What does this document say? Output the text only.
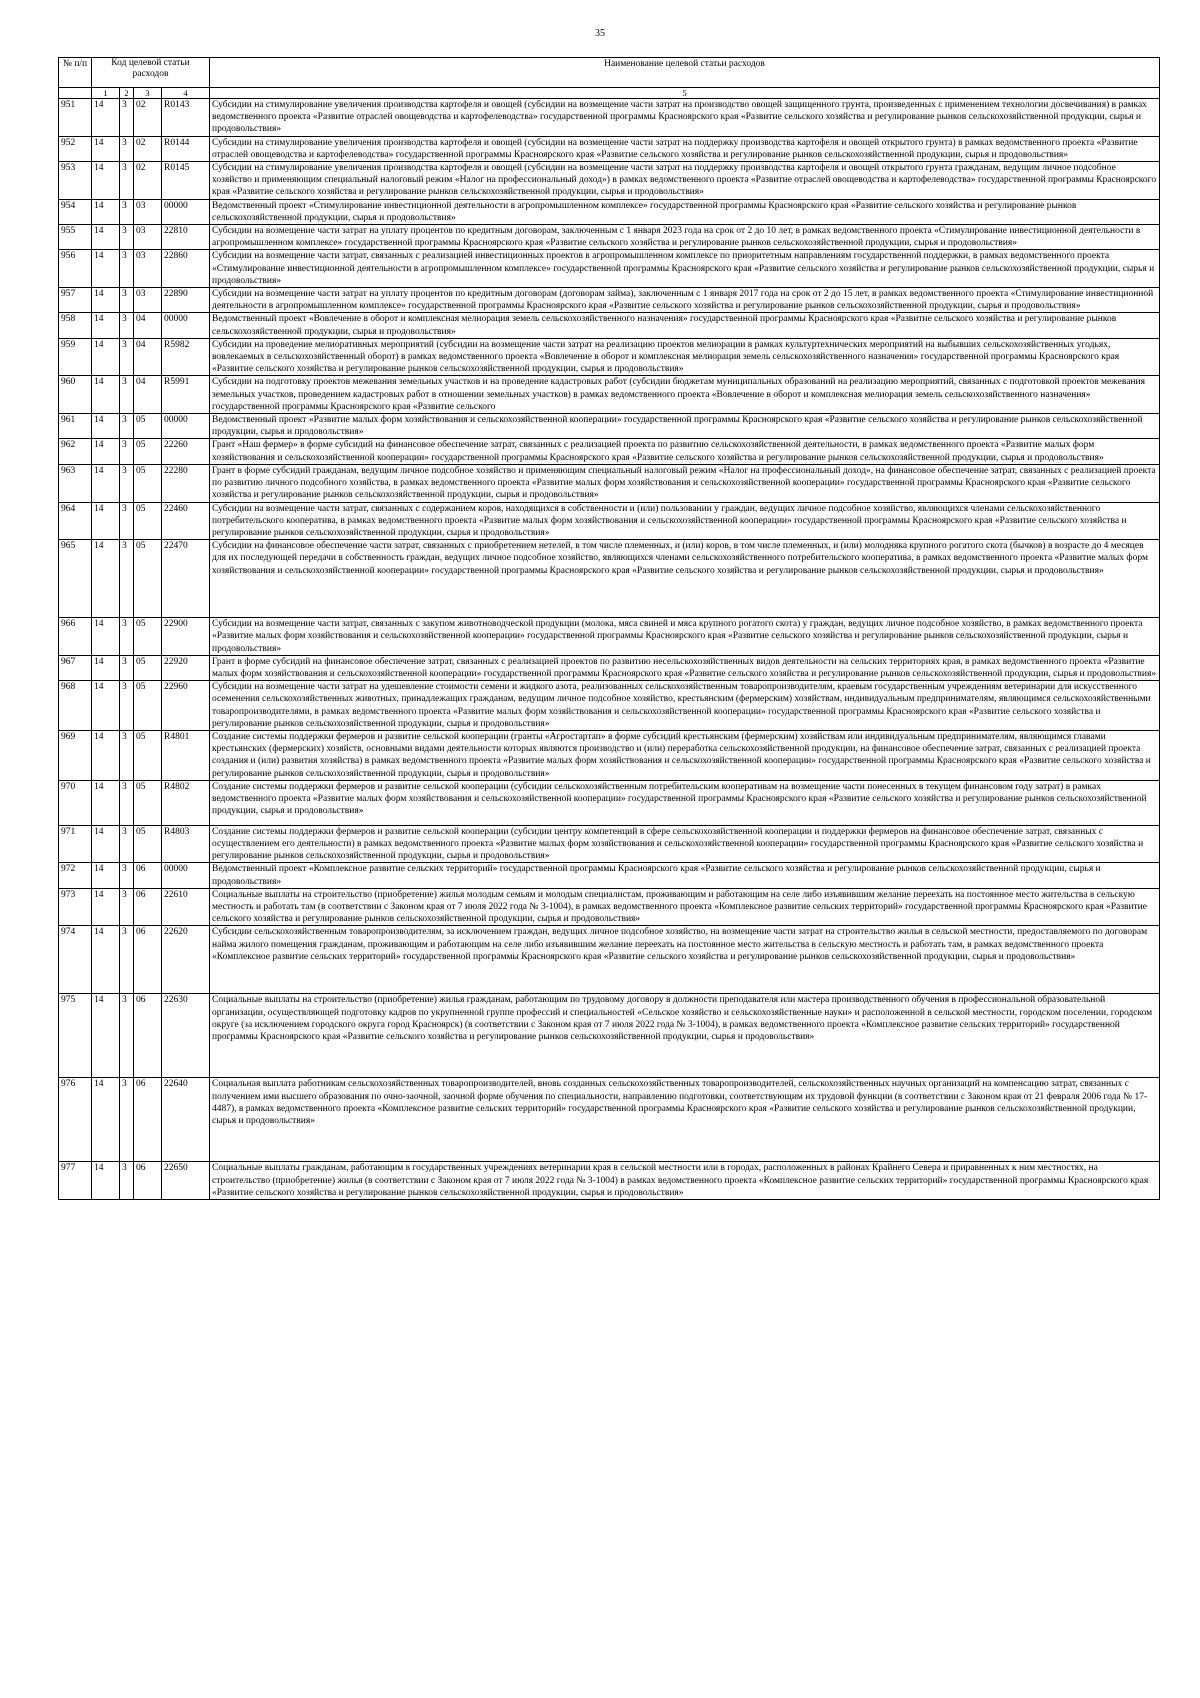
35
№ п/п	Код целевой статьи расходов				Наименование целевой статьи расходов

	1	2	3	4	5
951	14	3	02	R0143	Субсидии на стимулирование увеличения производства картофеля и овощей (субсидии на возмещение части затрат на производство овощей защищенного грунта, произведенных с применением технологии досвечивания) в рамках ведомственного проекта «Развитие отраслей овощеводства и картофелеводства» государственной программы Красноярского края «Развитие сельского хозяйства и регулирование рынков сельскохозяйственной продукции, сырья и продовольствия»
952	14	3	02	R0144	Субсидии на стимулирование увеличения производства картофеля и овощей (субсидии на возмещение части затрат на поддержку производства картофеля и овощей открытого грунта) в рамках ведомственного проекта «Развитие отраслей овощеводства и картофелеводства» государственной программы Красноярского края «Развитие сельского хозяйства и регулирование рынков сельскохозяйственной продукции, сырья и продовольствия»
953	14	3	02	R0145	Субсидии на стимулирование увеличения производства картофеля и овощей (субсидии на возмещение части затрат на поддержку производства картофеля и овощей открытого грунта гражданам, ведущим личное подсобное хозяйство и применяющим специальный налоговый режим «Налог на профессиональный доход») в рамках ведомственного проекта «Развитие отраслей овощеводства и картофелеводства» государственной программы Красноярского края «Развитие сельского хозяйства и регулирование рынков сельскохозяйственной продукции, сырья и продовольствия»
954	14	3	03	00000	Ведомственный проект «Стимулирование инвестиционной деятельности в агропромышленном комплексе» государственной программы Красноярского края «Развитие сельского хозяйства и регулирование рынков сельскохозяйственной продукции, сырья и продовольствия»
955	14	3	03	22810	Субсидии на возмещение части затрат на уплату процентов по кредитным договорам, заключенным с 1 января 2023 года на срок от 2 до 10 лет, в рамках ведомственного проекта «Стимулирование инвестиционной деятельности в агропромышленном комплексе» государственной программы Красноярского края «Развитие сельского хозяйства и регулирование рынков сельскохозяйственной продукции, сырья и продовольствия»
956	14	3	03	22860	Субсидии на возмещение части затрат, связанных с реализацией инвестиционных проектов в агропромышленном комплексе по приоритетным направлениям государственной поддержки, в рамках ведомственного проекта «Стимулирование инвестиционной деятельности в агропромышленном комплексе» государственной программы Красноярского края «Развитие сельского хозяйства и регулирование рынков сельскохозяйственной продукции, сырья и продовольствия»
957	14	3	03	22890	Субсидии на возмещение части затрат на уплату процентов по кредитным договорам (договорам займа), заключенным с 1 января 2017 года на срок от 2 до 15 лет, в рамках ведомственного проекта «Стимулирование инвестиционной деятельности в агропромышленном комплексе» государственной программы Красноярского края «Развитие сельского хозяйства и регулирование рынков сельскохозяйственной продукции, сырья и продовольствия»
958	14	3	04	00000	Ведомственный проект «Вовлечение в оборот и комплексная мелиорация земель сельскохозяйственного назначения» государственной программы Красноярского края «Развитие сельского хозяйства и регулирование рынков сельскохозяйственной продукции, сырья и продовольствия»
959	14	3	04	R5982	Субсидии на проведение мелиоративных мероприятий (субсидии на возмещение части затрат на реализацию проектов мелиорации в рамках культуртехнических мероприятий на выбывших сельскохозяйственных угодьях, вовлекаемых в сельскохозяйственный оборот) в рамках ведомственного проекта «Вовлечение в оборот и комплексная мелиорация земель сельскохозяйственного назначения» государственной программы Красноярского края «Развитие сельского хозяйства и регулирование рынков сельскохозяйственной продукции, сырья и продовольствия»
960	14	3	04	R5991	Субсидии на подготовку проектов межевания земельных участков и на проведение кадастровых работ (субсидии бюджетам муниципальных образований на реализацию мероприятий, связанных с подготовкой проектов межевания земельных участков, проведением кадастровых работ в отношении земельных участков) в рамках ведомственного проекта «Вовлечение в оборот и комплексная мелиорация земель сельскохозяйственного назначения» государственной программы Красноярского края «Развитие сельского
961	14	3	05	00000	Ведомственный проект «Развитие малых форм хозяйствования и сельскохозяйственной кооперации» государственной программы Красноярского края «Развитие сельского хозяйства и регулирование рынков сельскохозяйственной продукции, сырья и продовольствия»
962	14	3	05	22260	Грант «Наш фермер» в форме субсидий на финансовое обеспечение затрат, связанных с реализацией проекта по развитию сельскохозяйственной деятельности, в рамках ведомственного проекта «Развитие малых форм хозяйствования и сельскохозяйственной кооперации» государственной программы Красноярского края «Развитие сельского хозяйства и регулирование рынков сельскохозяйственной продукции, сырья и продовольствия»
963	14	3	05	22280	Грант в форме субсидий гражданам, ведущим личное подсобное хозяйство и применяющим специальный налоговый режим «Налог на профессиональный доход», на финансовое обеспечение затрат, связанных с реализацией проекта по развитию личного подсобного хозяйства, в рамках ведомственного проекта «Развитие малых форм хозяйствования и сельскохозяйственной кооперации» государственной программы Красноярского края «Развитие сельского хозяйства и регулирование рынков сельскохозяйственной продукции, сырья и продовольствия»
964	14	3	05	22460	Субсидии на возмещение части затрат, связанных с содержанием коров, находящихся в собственности и (или) пользовании у граждан, ведущих личное подсобное хозяйство, являющихся членами сельскохозяйственного потребительского кооператива, в рамках ведомственного проекта «Развитие малых форм хозяйствования и сельскохозяйственной кооперации» государственной программы Красноярского края «Развитие сельского хозяйства и регулирование рынков сельскохозяйственной продукции, сырья и продовольствия»
965	14	3	05	22470	Субсидии на финансовое обеспечение части затрат, связанных с приобретением нетелей, в том числе племенных, и (или) коров, в том числе племенных, и (или) молодняка крупного рогатого скота (бычков) в возрасте до 4 месяцев для их последующей передачи в собственность граждан, ведущих личное подсобное хозяйство, являющихся членами сельскохозяйственного потребительского кооператива, в рамках ведомственного проекта «Развитие малых форм хозяйствования и сельскохозяйственной кооперации» государственной программы Красноярского края «Развитие сельского хозяйства и регулирование рынков сельскохозяйственной продукции, сырья и продовольствия»
966	14	3	05	22900	Субсидии на возмещение части затрат, связанных с закупом животноводческой продукции (молока, мяса свиней и мяса крупного рогатого скота) у граждан, ведущих личное подсобное хозяйство, в рамках ведомственного проекта «Развитие малых форм хозяйствования и сельскохозяйственной кооперации» государственной программы Красноярского края «Развитие сельского хозяйства и регулирование рынков сельскохозяйственной продукции, сырья и продовольствия»
967	14	3	05	22920	Грант в форме субсидий на финансовое обеспечение затрат, связанных с реализацией проектов по развитию несельскохозяйственных видов деятельности на сельских территориях края, в рамках ведомственного проекта «Развитие малых форм хозяйствования и сельскохозяйственной кооперации» государственной программы Красноярского края «Развитие сельского хозяйства и регулирование рынков сельскохозяйственной продукции, сырья и продовольствия»
968	14	3	05	22960	Субсидии на возмещение части затрат на удешевление стоимости семени и жидкого азота, реализованных сельскохозяйственным товаропроизводителям, краевым государственным учреждениям ветеринарии для искусственного осеменения сельскохозяйственных животных, принадлежащих гражданам, ведущим личное подсобное хозяйство, крестьянским (фермерским) хозяйствам, индивидуальным предпринимателям, являющимся сельскохозяйственными товаропроизводителями, в рамках ведомственного проекта «Развитие малых форм хозяйствования и сельскохозяйственной кооперации» государственной программы Красноярского края «Развитие сельского хозяйства и регулирование рынков сельскохозяйственной продукции, сырья и продовольствия»
969	14	3	05	R4801	Создание системы поддержки фермеров и развитие сельской кооперации (гранты «Агростартап» в форме субсидий крестьянским (фермерским) хозяйствам или индивидуальным предпринимателям, являющимся главами крестьянских (фермерских) хозяйств, основными видами деятельности которых являются производство и (или) переработка сельскохозяйственной продукции, на финансовое обеспечение затрат, связанных с реализацией проекта создания и (или) развития хозяйства) в рамках ведомственного проекта «Развитие малых форм хозяйствования и сельскохозяйственной кооперации» государственной программы Красноярского края «Развитие сельского хозяйства и регулирование рынков сельскохозяйственной продукции, сырья и продовольствия»
970	14	3	05	R4802	Создание системы поддержки фермеров и развитие сельской кооперации (субсидии сельскохозяйственным потребительским кооперативам на возмещение части понесенных в текущем финансовом году затрат) в рамках ведомственного проекта «Развитие малых форм хозяйствования и сельскохозяйственной кооперации» государственной программы Красноярского края «Развитие сельского хозяйства и регулирование рынков сельскохозяйственной продукции, сырья и продовольствия»
971	14	3	05	R4803	Создание системы поддержки фермеров и развитие сельской кооперации (субсидии центру компетенций в сфере сельскохозяйственной кооперации и поддержки фермеров на финансовое обеспечение затрат, связанных с осуществлением его деятельности) в рамках ведомственного проекта «Развитие малых форм хозяйствования и сельскохозяйственной кооперации» государственной программы Красноярского края «Развитие сельского хозяйства и регулирование рынков сельскохозяйственной продукции, сырья и продовольствия»
972	14	3	06	00000	Ведомственный проект «Комплексное развитие сельских территорий» государственной программы Красноярского края «Развитие сельского хозяйства и регулирование рынков сельскохозяйственной продукции, сырья и продовольствия»
973	14	3	06	22610	Социальные выплаты на строительство (приобретение) жилья молодым семьям и молодым специалистам, проживающим и работающим на селе либо изъявившим желание переехать на постоянное место жительства в сельскую местность и работать там (в соответствии с Законом края от 7 июля 2022 года № 3-1004), в рамках ведомственного проекта «Комплексное развитие сельских территорий» государственной программы Красноярского края «Развитие сельского хозяйства и регулирование рынков сельскохозяйственной продукции, сырья и продовольствия»
974	14	3	06	22620	Субсидии сельскохозяйственным товаропроизводителям, за исключением граждан, ведущих личное подсобное хозяйство, на возмещение части затрат на строительство жилья в сельской местности, предоставляемого по договорам найма жилого помещения гражданам, проживающим и работающим на селе либо изъявившим желание переехать на постоянное место жительства в сельскую местность и работать там, в рамках ведомственного проекта «Комплексное развитие сельских территорий» государственной программы Красноярского края «Развитие сельского хозяйства и регулирование рынков сельскохозяйственной продукции, сырья и продовольствия»
975	14	3	06	22630	Социальные выплаты на строительство (приобретение) жилья гражданам, работающим по трудовому договору в должности преподавателя или мастера производственного обучения в профессиональной образовательной организации, осуществляющей подготовку кадров по укрупненной группе профессий и специальностей «Сельское хозяйство и сельскохозяйственные науки» и расположенной в сельской местности, городском поселении, городском округе (за исключением городского округа город Красноярск) (в соответствии с Законом края от 7 июля 2022 года № 3-1004), в рамках ведомственного проекта «Комплексное развитие сельских территорий» государственной программы Красноярского края «Развитие сельского хозяйства и регулирование рынков сельскохозяйственной продукции, сырья и продовольствия»
976	14	3	06	22640	Социальная выплата работникам сельскохозяйственных товаропроизводителей, вновь созданных сельскохозяйственных товаропроизводителей, сельскохозяйственных научных организаций на компенсацию затрат, связанных с получением ими высшего образования по очно-заочной, заочной форме обучения по специальности, направлению подготовки, соответствующим их трудовой функции (в соответствии с Законом края от 21 февраля 2006 года № 17-4487), в рамках ведомственного проекта «Комплексное развитие сельских территорий» государственной программы Красноярского края «Развитие сельского хозяйства и регулирование рынков сельскохозяйственной продукции, сырья и продовольствия»
977	14	3	06	22650	Социальные выплаты гражданам, работающим в государственных учреждениях ветеринарии края в сельской местности или в городах, расположенных в районах Крайнего Севера и приравненных к ним местностях, на строительство (приобретение) жилья (в соответствии с Законом края от 7 июля 2022 года № 3-1004) в рамках ведомственного проекта «Комплексное развитие сельских территорий» государственной программы Красноярского края «Развитие сельского хозяйства и регулирование рынков сельскохозяйственной продукции, сырья и продовольствия»
